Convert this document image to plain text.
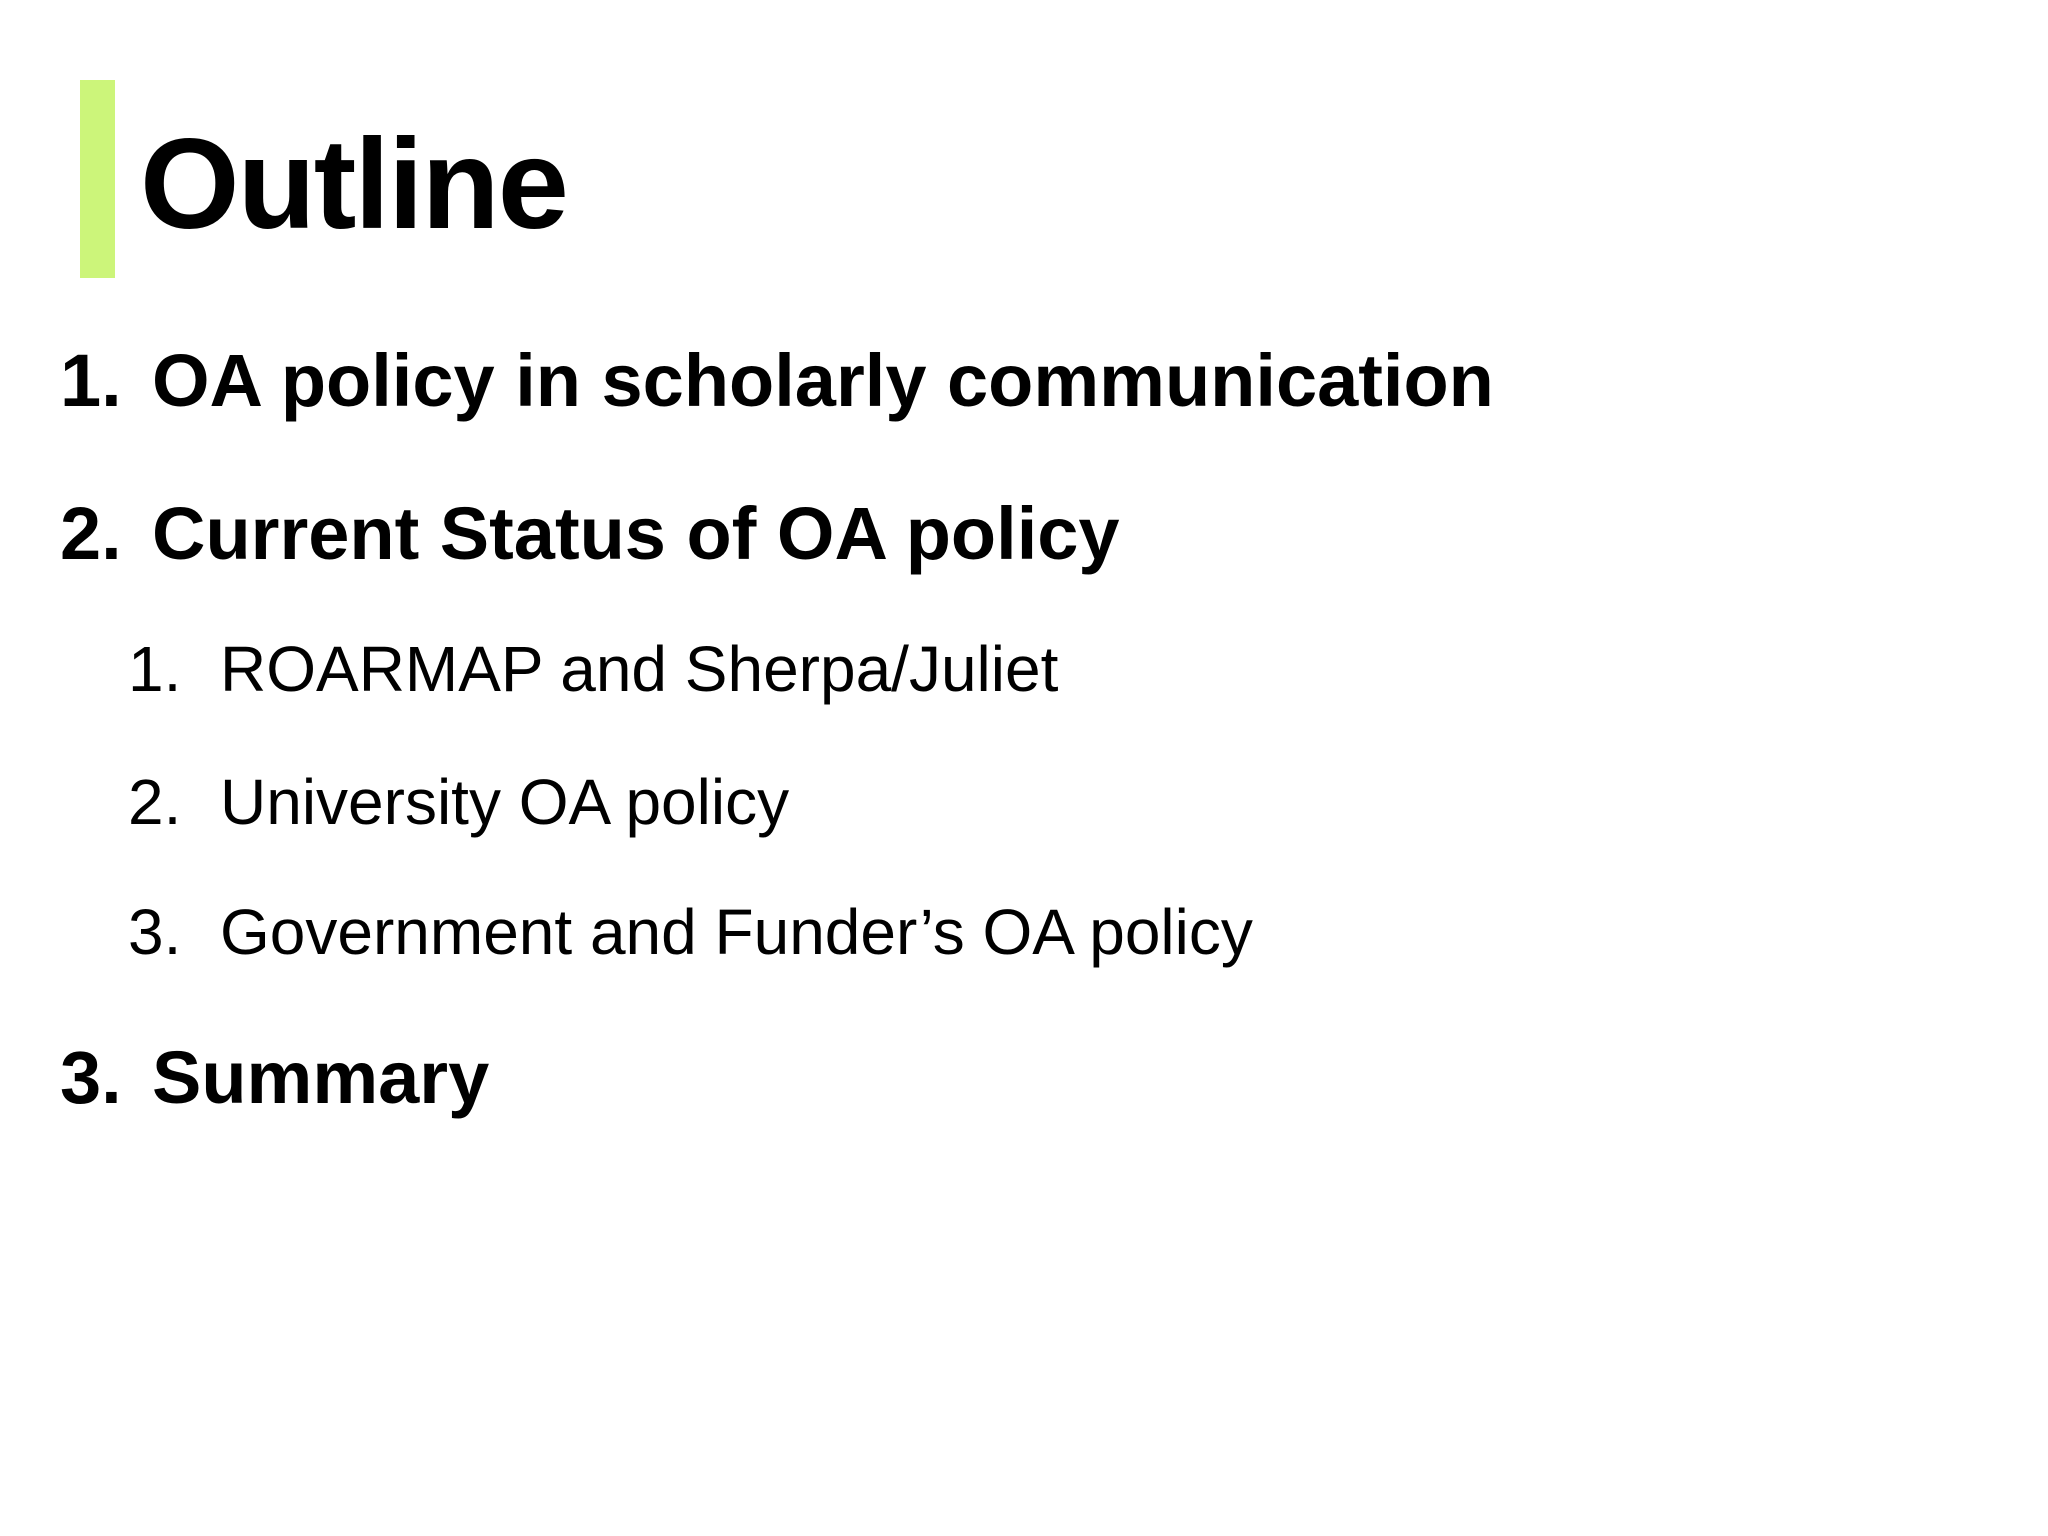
Outline
1. OA policy in scholarly communication
2. Current Status of OA policy
1. ROARMAP and Sherpa/Juliet
2. University OA policy
3. Government and Funder’s OA policy
3. Summary
